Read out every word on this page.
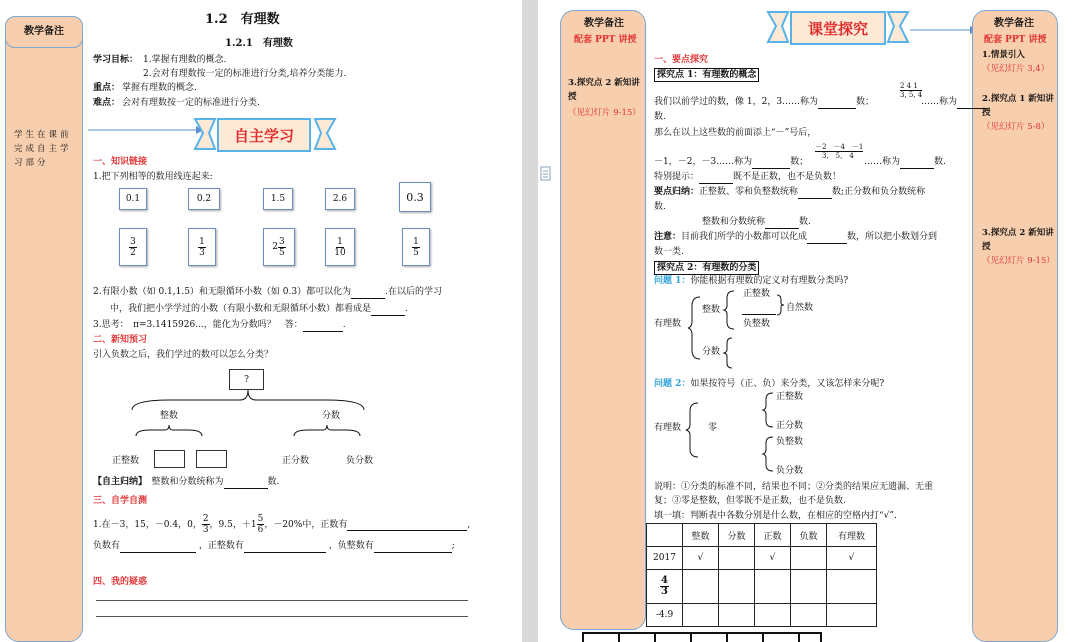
教学备注
学生在课前完成自主学习部分
1.2　有理数
1.2.1　有理数
学习目标： 1.掌握有理数的概念.
2.会对有理数按一定的标准进行分类,培养分类能力.
重点： 掌握有理数的概念.
难点： 会对有理数按一定的标准进行分类.
自主学习
一、知识链接
1.把下列相等的数用线连起来:
0.1	0.2	1.5	2.6	0.3
$\frac{3}{2}$	$\frac{1}{3}$	$2 \frac{3}{5}$	$\frac{1}{10}$	$\frac{1}{5}$
2.有限小数（如 0.1,1.5）和无限循环小数（如 0.3）都可以化为	.在以后的学习
中，我们把小学学过的小数（有限小数和无限循环小数）都看成是	.
3.思考：　π=3.1415926...，能化为分数吗？　答：	.
二、新知预习
引入负数之后，我们学过的数可以怎么分类？
?
整数	分数
正整数	正分数	负分数
【自主归纳】　 整数和分数统称为	数.
三、自学自测
1.在－3，15，－0.4，0， $\frac{2}{3}$ ，9.5，$+1 \frac{5}{6}$ ，－20%中，正数有
	,
负数有	，正整数有	，负整数有	;
四、我的疑惑
教学备注
配套 PPT 讲授
3.探究点 2 新知讲授
（见幻灯片 9-15）
课堂探究	教学备注
配套 PPT 讲授
1.情景引入
（见幻灯片 3,4）
2.探究点 1 新知讲授
（见幻灯片 5-8）
3.探究点 2 新知讲授
（见幻灯片 9-15）
一、要点探究
探究点 1：有理数的概念
我们以前学过的数，像 1，2，3……称为	数；
2 4 1
3, 5, 4
……称为
数.
那么在以上这些数的前面添上“－”号后，
－1，－2，－3……称为	数；
－2　－4　－1
　3,　5,　4
……称为	数.
特别提示：	既不是正数，也不是负数！
要点归纳：正整数、零和负整数统称	数;正分数和负分数统称
数.
整数和分数统称	数.
注意：目前我们所学的小数都可以化成	数，所以把小数划分到
数一类.
探究点 2：有理数的分类
问题 1：你能根据有理数的定义对有理数分类吗?
有理数
整数
正整数
自然数
负整数
分数
问题 2：如果按符号（正、负）来分类，又该怎样来分呢?
有理数	零
正整数
正分数
负整数
负分数
说明：①分类的标准不同，结果也不同；②分类的结果应无遗漏、无重
复；③零是整数，但零既不是正数，也不是负数.
填一填：判断表中各数分别是什么数，在相应的空格内打“√”.
	整数	分数	正数	负数	有理数
2017	√		√		√

$\frac{4}{3}$

-4.9					
